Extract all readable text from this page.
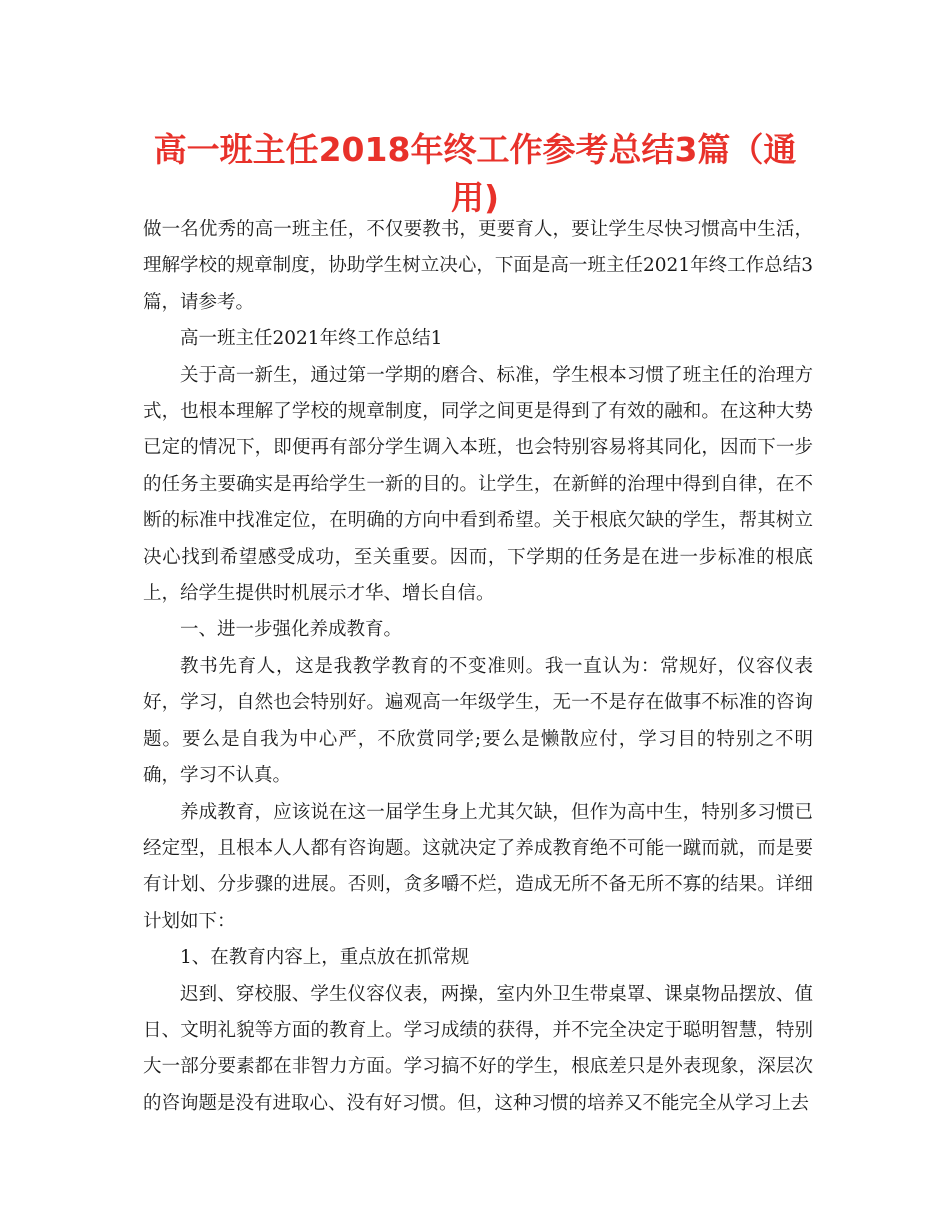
高一班主任2018年终工作参考总结3篇（通用)

做一名优秀的高一班主任，不仅要教书，更要育人，要让学生尽快习惯高中生活，理解学校的规章制度，协助学生树立决心，下面是高一班主任2021年终工作总结3篇，请参考。

高一班主任2021年终工作总结1

关于高一新生，通过第一学期的磨合、标准，学生根本习惯了班主任的治理方式，也根本理解了学校的规章制度，同学之间更是得到了有效的融和。在这种大势已定的情况下，即便再有部分学生调入本班，也会特别容易将其同化，因而下一步的任务主要确实是再给学生一新的目的。让学生，在新鲜的治理中得到自律，在不断的标准中找准定位，在明确的方向中看到希望。关于根底欠缺的学生，帮其树立决心找到希望感受成功，至关重要。因而，下学期的任务是在进一步标准的根底上，给学生提供时机展示才华、增长自信。

一、进一步强化养成教育。

教书先育人，这是我教学教育的不变准则。我一直认为：常规好，仪容仪表好，学习，自然也会特别好。遍观高一年级学生，无一不是存在做事不标准的咨询题。要么是自我为中心严，不欣赏同学;要么是懒散应付，学习目的特别之不明确，学习不认真。

养成教育，应该说在这一届学生身上尤其欠缺，但作为高中生，特别多习惯已经定型，且根本人人都有咨询题。这就决定了养成教育绝不可能一蹴而就，而是要有计划、分步骤的进展。否则，贪多嚼不烂，造成无所不备无所不寡的结果。详细计划如下：

1、在教育内容上，重点放在抓常规

迟到、穿校服、学生仪容仪表，两操，室内外卫生带桌罩、课桌物品摆放、值日、文明礼貌等方面的教育上。学习成绩的获得，并不完全决定于聪明智慧，特别大一部分要素都在非智力方面。学习搞不好的学生，根底差只是外表现象，深层次的咨询题是没有进取心、没有好习惯。但，这种习惯的培养又不能完全从学习上去
